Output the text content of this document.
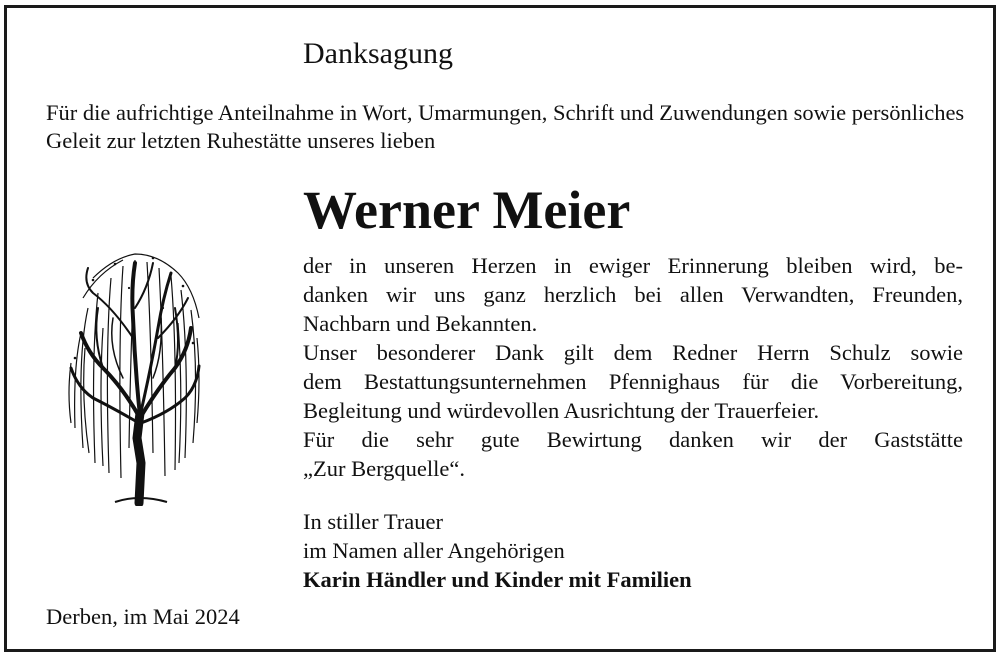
Danksagung

Für die aufrichtige Anteilnahme in Wort, Umarmungen, Schrift und Zuwendungen sowie persönliches Geleit zur letzten Ruhestätte unseres lieben

Werner Meier

der in unseren Herzen in ewiger Erinnerung bleiben wird, be-
danken wir uns ganz herzlich bei allen Verwandten, Freunden,
Nachbarn und Bekannten.
Unser besonderer Dank gilt dem Redner Herrn Schulz sowie
dem Bestattungsunternehmen Pfennighaus für die Vorbereitung,
Begleitung und würdevollen Ausrichtung der Trauerfeier.
Für die sehr gute Bewirtung danken wir der Gaststätte
„Zur Bergquelle“.

In stiller Trauer
im Namen aller Angehörigen
Karin Händler und Kinder mit Familien

Derben, im Mai 2024
